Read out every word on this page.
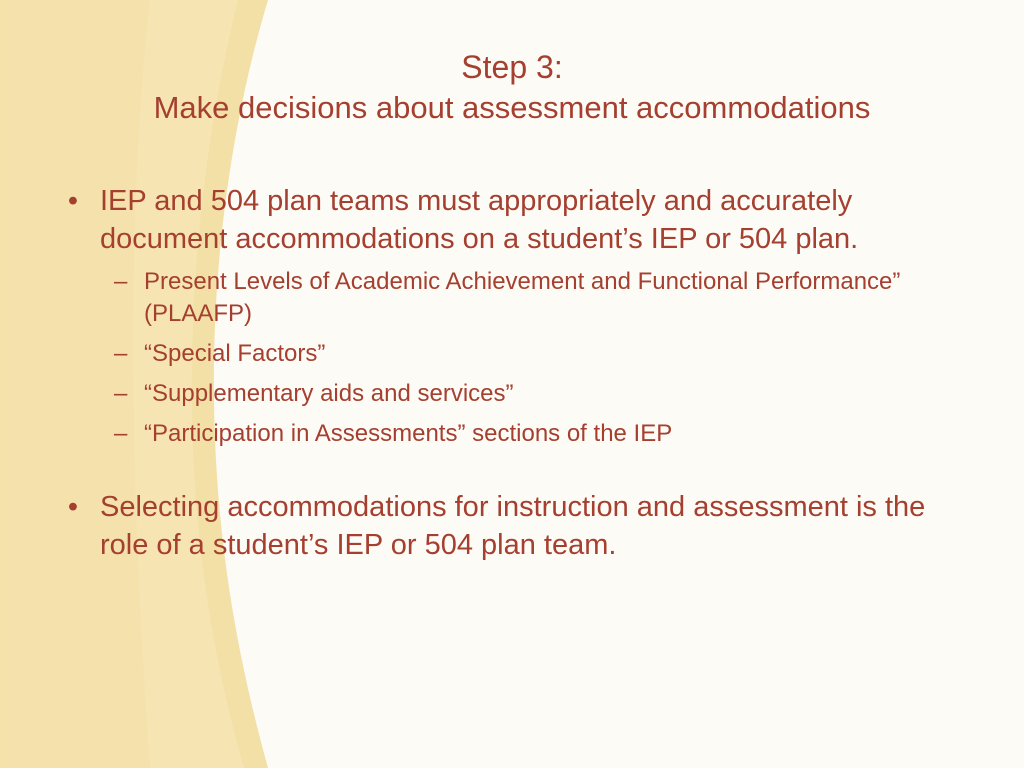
Step 3:
Make decisions about assessment accommodations
• IEP and 504 plan teams must appropriately and accurately document accommodations on a student’s IEP or 504 plan.
– Present Levels of Academic Achievement and Functional Performance” (PLAAFP)
– “Special Factors”
– “Supplementary aids and services”
– “Participation in Assessments” sections of the IEP
• Selecting accommodations for instruction and assessment is the role of a student’s IEP or 504 plan team.
